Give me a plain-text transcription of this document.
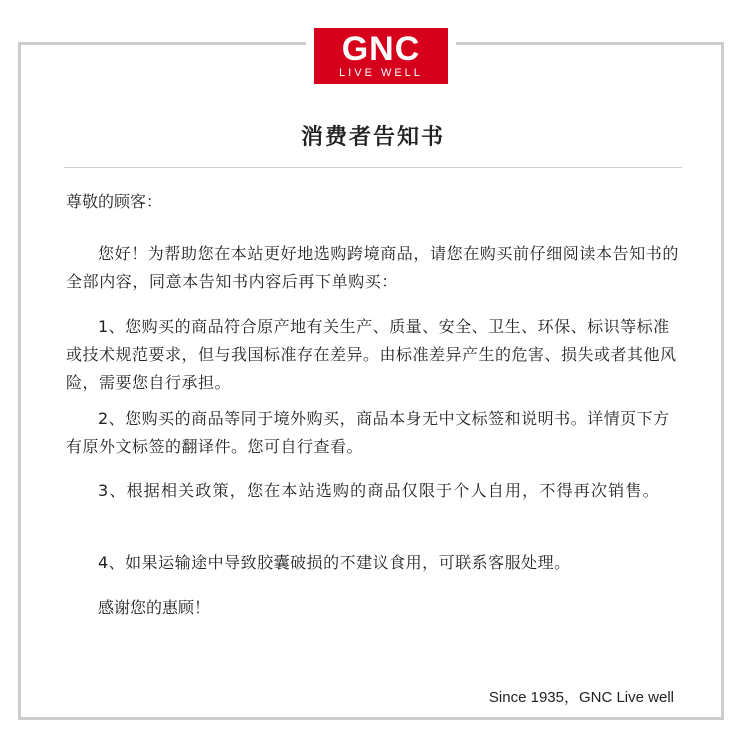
GNC
LIVE WELL
消费者告知书
尊敬的顾客：
您好！为帮助您在本站更好地选购跨境商品，请您在购买前仔细阅读本告知书的全部内容，同意本告知书内容后再下单购买：
1、您购买的商品符合原产地有关生产、质量、安全、卫生、环保、标识等标准或技术规范要求，但与我国标准存在差异。由标准差异产生的危害、损失或者其他风险，需要您自行承担。
2、您购买的商品等同于境外购买，商品本身无中文标签和说明书。详情页下方有原外文标签的翻译件。您可自行查看。
3、根据相关政策，您在本站选购的商品仅限于个人自用，不得再次销售。
4、如果运输途中导致胶囊破损的不建议食用，可联系客服处理。
感谢您的惠顾！
Since 1935，GNC Live well
